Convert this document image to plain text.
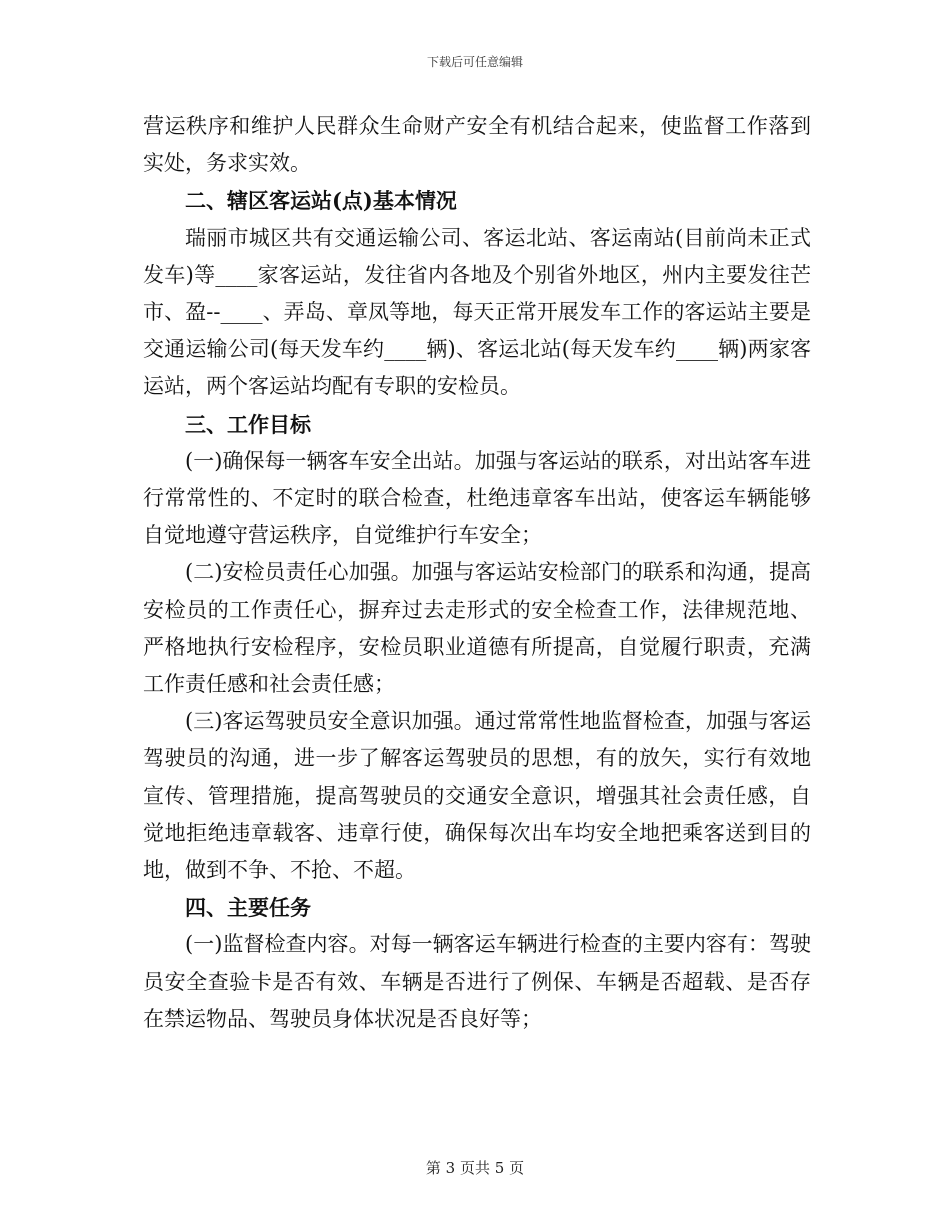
下载后可任意编辑

营运秩序和维护人民群众生命财产安全有机结合起来，使监督工作落到实处，务求实效。

二、辖区客运站(点)基本情况

瑞丽市城区共有交通运输公司、客运北站、客运南站(目前尚未正式发车)等____家客运站，发往省内各地及个别省外地区，州内主要发往芒市、盈--____、弄岛、章凤等地，每天正常开展发车工作的客运站主要是交通运输公司(每天发车约____辆)、客运北站(每天发车约____辆)两家客运站，两个客运站均配有专职的安检员。

三、工作目标

(一)确保每一辆客车安全出站。加强与客运站的联系，对出站客车进行常常性的、不定时的联合检查，杜绝违章客车出站，使客运车辆能够自觉地遵守营运秩序，自觉维护行车安全；

(二)安检员责任心加强。加强与客运站安检部门的联系和沟通，提高安检员的工作责任心，摒弃过去走形式的安全检查工作，法律规范地、严格地执行安检程序，安检员职业道德有所提高，自觉履行职责，充满工作责任感和社会责任感；

(三)客运驾驶员安全意识加强。通过常常性地监督检查，加强与客运驾驶员的沟通，进一步了解客运驾驶员的思想，有的放矢，实行有效地宣传、管理措施，提高驾驶员的交通安全意识，增强其社会责任感，自觉地拒绝违章载客、违章行使，确保每次出车均安全地把乘客送到目的地，做到不争、不抢、不超。

四、主要任务

(一)监督检查内容。对每一辆客运车辆进行检查的主要内容有：驾驶员安全查验卡是否有效、车辆是否进行了例保、车辆是否超载、是否存在禁运物品、驾驶员身体状况是否良好等；

第 3 页共 5 页
